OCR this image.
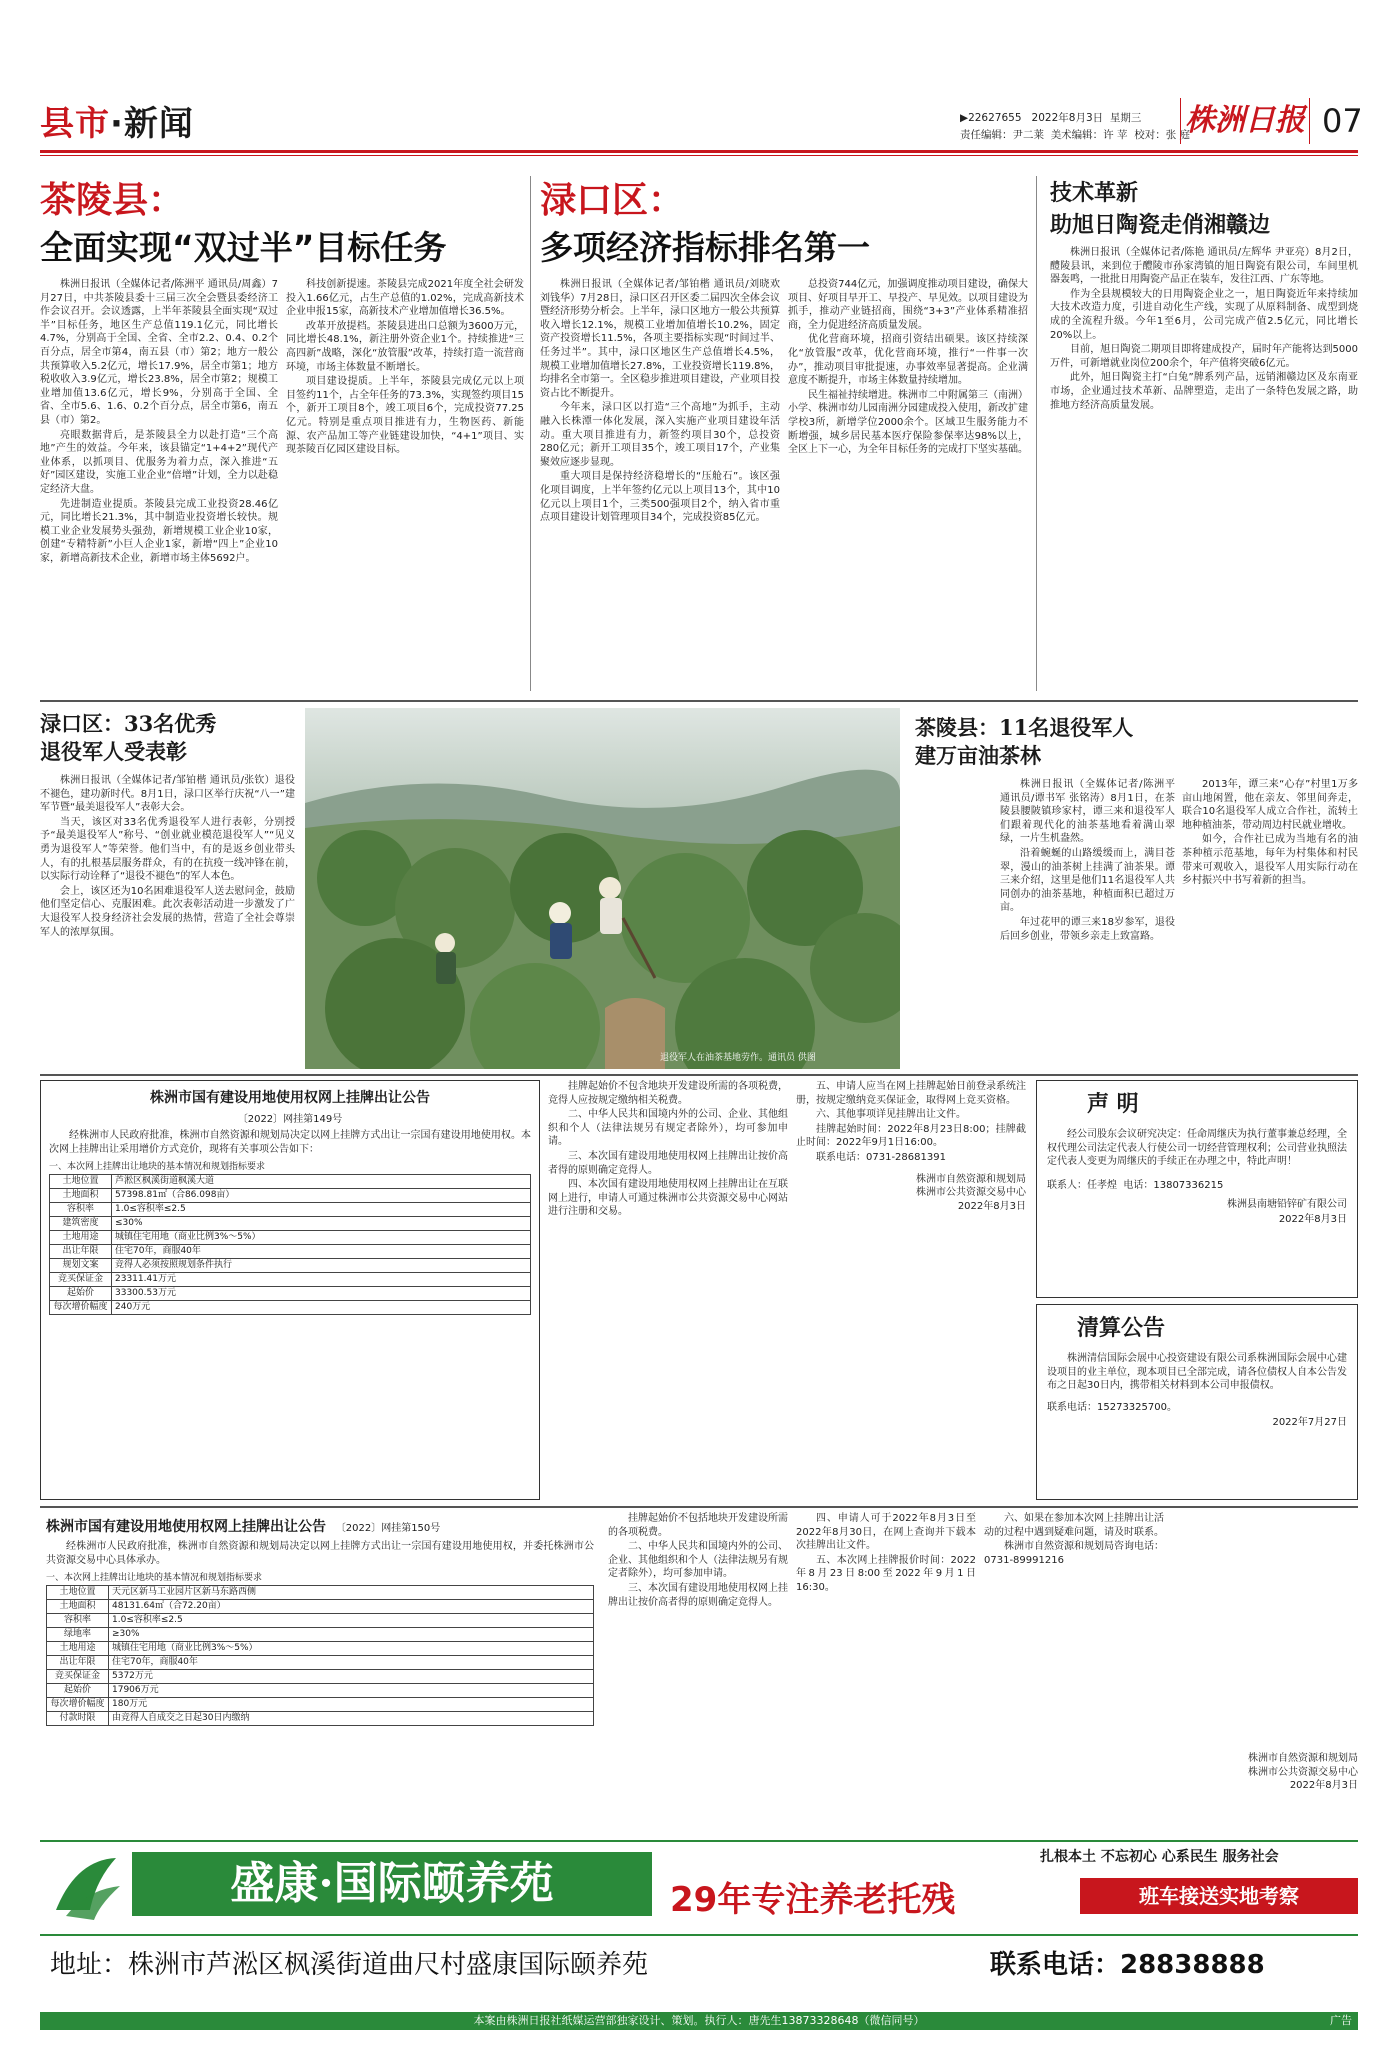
县市·新闻	▶22627655 2022年8月3日 星期三
责任编辑：尹二莱 美术编辑：许 苹 校对：张 庭
株洲日报 07
茶陵县：
全面实现“双过半”目标任务

株洲日报讯（全媒体记者/陈洲平 通讯员/周鑫）7月27日，中共茶陵县委十三届三次全会暨县委经济工作会议召开。会议透露，上半年茶陵县全面实现“双过半”目标任务，地区生产总值119.1亿元，同比增长4.7%，分别高于全国、全省、全市2.2、0.4、0.2个百分点，居全市第4，南五县（市）第2；地方一般公共预算收入5.2亿元，增长17.9%，居全市第1；地方税收收入3.9亿元，增长23.8%，居全市第2；规模工业增加值13.6亿元，增长9%，分别高于全国、全省、全市5.6、1.6、0.2个百分点，居全市第6，南五县（市）第2。

亮眼数据背后，是茶陵县全力以赴打造“三个高地”产生的效益。今年来，该县锚定“1+4+2”现代产业体系，以抓项目、优服务为着力点，深入推进“五好”园区建设，实施工业企业“倍增”计划，全力以赴稳定经济大盘。

先进制造业提质。茶陵县完成工业投资28.46亿元，同比增长21.3%，其中制造业投资增长较快。规模工业企业发展势头强劲，新增规模工业企业10家，创建“专精特新”小巨人企业1家，新增“四上”企业10家，新增高新技术企业，新增市场主体5692户。

科技创新提速。茶陵县完成2021年度全社会研发投入1.66亿元，占生产总值的1.02%，完成高新技术企业申报15家，高新技术产业增加值增长36.5%。

改革开放提档。茶陵县进出口总额为3600万元，同比增长48.1%，新注册外资企业1个。持续推进“三高四新”战略，深化“放管服”改革，持续打造一流营商环境，市场主体数量不断增长。

项目建设提质。上半年，茶陵县完成亿元以上项目签约11个，占全年任务的73.3%，实现签约项目15个，新开工项目8个，竣工项目6个，完成投资77.25亿元。特别是重点项目推进有力，生物医药、新能源、农产品加工等产业链建设加快，“4+1”项目、实现茶陵百亿园区建设目标。

渌口区：
多项经济指标排名第一

株洲日报讯（全媒体记者/邹铂楷 通讯员/刘晓欢 刘钱华）7月28日，渌口区召开区委二届四次全体会议暨经济形势分析会。上半年，渌口区地方一般公共预算收入增长12.1%，规模工业增加值增长10.2%，固定资产投资增长11.5%，各项主要指标实现“时间过半、任务过半”。其中，渌口区地区生产总值增长4.5%，规模工业增加值增长27.8%，工业投资增长119.8%，均排名全市第一。全区稳步推进项目建设，产业项目投资占比不断提升。

今年来，渌口区以打造“三个高地”为抓手，主动融入长株潭一体化发展，深入实施产业项目建设年活动。重大项目推进有力，新签约项目30个，总投资280亿元；新开工项目35个，竣工项目17个，产业集聚效应逐步显现。

重大项目是保持经济稳增长的“压舱石”。该区强化项目调度，上半年签约亿元以上项目13个，其中10亿元以上项目1个，三类500强项目2个，纳入省市重点项目建设计划管理项目34个，完成投资85亿元。

总投资744亿元，加强调度推动项目建设，确保大项目、好项目早开工、早投产、早见效。以项目建设为抓手，推动产业链招商，围绕“3+3”产业体系精准招商，全力促进经济高质量发展。

优化营商环境，招商引资结出硕果。该区持续深化“放管服”改革，优化营商环境，推行“一件事一次办”，推动项目审批提速，办事效率显著提高。企业满意度不断提升，市场主体数量持续增加。

民生福祉持续增进。株洲市二中附属第三（南洲）小学、株洲市幼儿园南洲分园建成投入使用，新改扩建学校3所，新增学位2000余个。区域卫生服务能力不断增强，城乡居民基本医疗保险参保率达98%以上，全区上下一心，为全年目标任务的完成打下坚实基础。

技术革新
助旭日陶瓷走俏湘赣边

株洲日报讯（全媒体记者/陈艳 通讯员/左辉华 尹亚亮）8月2日，醴陵县讯，来到位于醴陵市孙家湾镇的旭日陶瓷有限公司，车间里机器轰鸣，一批批日用陶瓷产品正在装车，发往江西、广东等地。

作为全县规模较大的日用陶瓷企业之一，旭日陶瓷近年来持续加大技术改造力度，引进自动化生产线，实现了从原料制备、成型到烧成的全流程升级。今年1至6月，公司完成产值2.5亿元，同比增长20%以上。

目前，旭日陶瓷二期项目即将建成投产，届时年产能将达到5000万件，可新增就业岗位200余个，年产值将突破6亿元。

此外，旭日陶瓷主打“白兔”牌系列产品，远销湘赣边区及东南亚市场，企业通过技术革新、品牌塑造，走出了一条特色发展之路，助推地方经济高质量发展。

渌口区：33名优秀
退役军人受表彰

株洲日报讯（全媒体记者/邹铂楷 通讯员/张钦）退役不褪色，建功新时代。8月1日，渌口区举行庆祝“八一”建军节暨“最美退役军人”表彰大会。

当天，该区对33名优秀退役军人进行表彰，分别授予“最美退役军人”称号、“创业就业模范退役军人”“见义勇为退役军人”等荣誉。他们当中，有的是返乡创业带头人，有的扎根基层服务群众，有的在抗疫一线冲锋在前，以实际行动诠释了“退役不褪色”的军人本色。

会上，该区还为10名困难退役军人送去慰问金，鼓励他们坚定信心、克服困难。此次表彰活动进一步激发了广大退役军人投身经济社会发展的热情，营造了全社会尊崇军人的浓厚氛围。

退役军人在油茶基地劳作。通讯员 供图
茶陵县：11名退役军人
建万亩油茶林

株洲日报讯（全媒体记者/陈洲平 通讯员/谭书军 张铭涛）8月1日，在茶陵县腰陂镇珍家村，谭三来和退役军人们跟着现代化的油茶基地看着满山翠绿，一片生机盎然。

沿着蜿蜒的山路缓缓而上，满目苍翠，漫山的油茶树上挂满了油茶果。谭三来介绍，这里是他们11名退役军人共同创办的油茶基地，种植面积已超过万亩。

年过花甲的谭三来18岁参军，退役后回乡创业，带领乡亲走上致富路。

2013年，谭三来“心存”村里1万多亩山地闲置，他在亲友、邻里间奔走，联合10名退役军人成立合作社，流转土地种植油茶，带动周边村民就业增收。

如今，合作社已成为当地有名的油茶种植示范基地，每年为村集体和村民带来可观收入，退役军人用实际行动在乡村振兴中书写着新的担当。

株洲市国有建设用地使用权网上挂牌出让公告
〔2022〕网挂第149号

经株洲市人民政府批准，株洲市自然资源和规划局决定以网上挂牌方式出让一宗国有建设用地使用权。本次网上挂牌出让采用增价方式竞价，现将有关事项公告如下：

一、本次网上挂牌出让地块的基本情况和规划指标要求
土地位置	芦淞区枫溪街道枫溪大道
土地面积	57398.81㎡（合86.098亩）
容积率	1.0≤容积率≤2.5
建筑密度	≤30%
土地用途	城镇住宅用地（商业比例3%～5%）
出让年限	住宅70年，商服40年
规划文案	竞得人必须按照规划条件执行
竞买保证金	23311.41万元
起始价	33300.53万元
每次增价幅度	240万元

挂牌起始价不包含地块开发建设所需的各项税费，竞得人应按规定缴纳相关税费。

二、中华人民共和国境内外的公司、企业、其他组织和个人（法律法规另有规定者除外），均可参加申请。

三、本次国有建设用地使用权网上挂牌出让按价高者得的原则确定竞得人。

四、本次国有建设用地使用权网上挂牌出让在互联网上进行，申请人可通过株洲市公共资源交易中心网站进行注册和交易。

五、申请人应当在网上挂牌起始日前登录系统注册，按规定缴纳竞买保证金，取得网上竞买资格。

六、其他事项详见挂牌出让文件。

挂牌起始时间：2022年8月23日8:00；挂牌截止时间：2022年9月1日16:00。

联系电话：0731-28681391

株洲市自然资源和规划局
株洲市公共资源交易中心
2022年8月3日
声 明

经公司股东会议研究决定：任命周继庆为执行董事兼总经理，全权代理公司法定代表人行使公司一切经营管理权利；公司营业执照法定代表人变更为周继庆的手续正在办理之中，特此声明！

联系人：任孝煌 电话：13807336215
株洲县南塘铅锌矿有限公司
2022年8月3日
清算公告

株洲清信国际会展中心投资建设有限公司系株洲国际会展中心建设项目的业主单位，现本项目已全部完成，请各位债权人自本公告发布之日起30日内，携带相关材料到本公司申报债权。

联系电话：15273325700。
2022年7月27日
株洲市国有建设用地使用权网上挂牌出让公告 〔2022〕网挂第150号

经株洲市人民政府批准，株洲市自然资源和规划局决定以网上挂牌方式出让一宗国有建设用地使用权，并委托株洲市公共资源交易中心具体承办。

一、本次网上挂牌出让地块的基本情况和规划指标要求
土地位置	天元区新马工业园片区新马东路西侧
土地面积	48131.64㎡（合72.20亩）
容积率	1.0≤容积率≤2.5
绿地率	≥30%
土地用途	城镇住宅用地（商业比例3%～5%）
出让年限	住宅70年，商服40年
竞买保证金	5372万元
起始价	17906万元
每次增价幅度	180万元
付款时限	由竞得人自成交之日起30日内缴纳

挂牌起始价不包括地块开发建设所需的各项税费。

二、中华人民共和国境内外的公司、企业、其他组织和个人（法律法规另有规定者除外），均可参加申请。

三、本次国有建设用地使用权网上挂牌出让按价高者得的原则确定竞得人。

四、申请人可于2022年8月3日至2022年8月30日，在网上查询并下载本次挂牌出让文件。

五、本次网上挂牌报价时间：2022年8月23日8:00至2022年9月1日16:30。

六、如果在参加本次网上挂牌出让活动的过程中遇到疑难问题，请及时联系。

株洲市自然资源和规划局咨询电话：0731-89991216

株洲市自然资源和规划局
株洲市公共资源交易中心
2022年8月3日
盛康·国际颐养苑
扎根本土 不忘初心 心系民生 服务社会
29年专注养老托残	班车接送实地考察
地址：株洲市芦淞区枫溪街道曲尺村盛康国际颐养苑	联系电话：28838888
本案由株洲日报社纸媒运营部独家设计、策划。执行人：唐先生13873328648（微信同号）	广告
